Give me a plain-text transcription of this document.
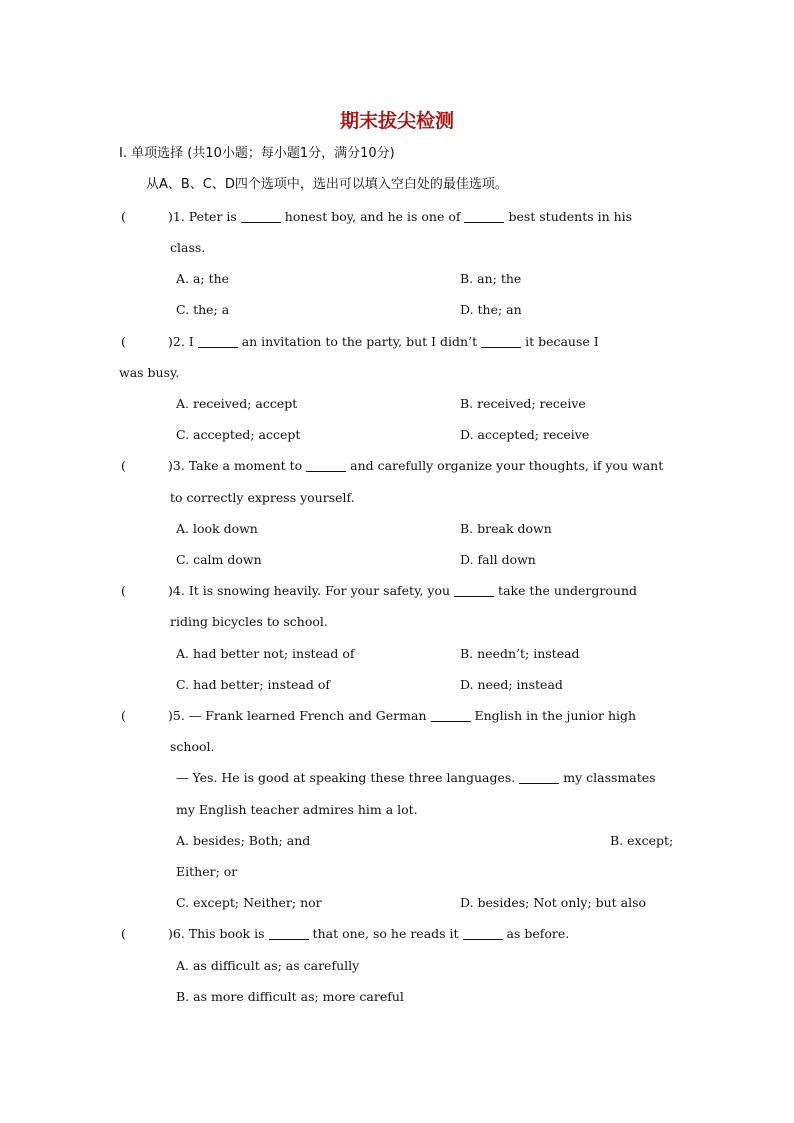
期末拔尖检测
I. 单项选择 (共10小题；每小题1分，满分10分)
从A、B、C、D四个选项中，选出可以填入空白处的最佳选项。
(	)1. Peter is	honest boy, and he is one of	best students in his
class.
A. a; the	B. an; the
C. the; a	D. the; an
(	)2. I	an invitation to the party, but I didn’t	it because I
was busy.
A. received; accept	B. received; receive
C. accepted; accept	D. accepted; receive
(	)3. Take a moment to	and carefully organize your thoughts, if you want
to correctly express yourself.
A. look down	B. break down
C. calm down	D. fall down
(	)4. It is snowing heavily. For your safety, you	take the underground
riding bicycles to school.
A. had better not; instead of	B. needn’t; instead
C. had better; instead of	D. need; instead
(	)5. — Frank learned French and German	English in the junior high
school.
— Yes. He is good at speaking these three languages.	my classmates
my English teacher admires him a lot.
A. besides; Both; and	B. except;
Either; or
C. except; Neither; nor	D. besides; Not only; but also
(	)6. This book is	that one, so he reads it	as before.
A. as difficult as; as carefully
B. as more difficult as; more careful
